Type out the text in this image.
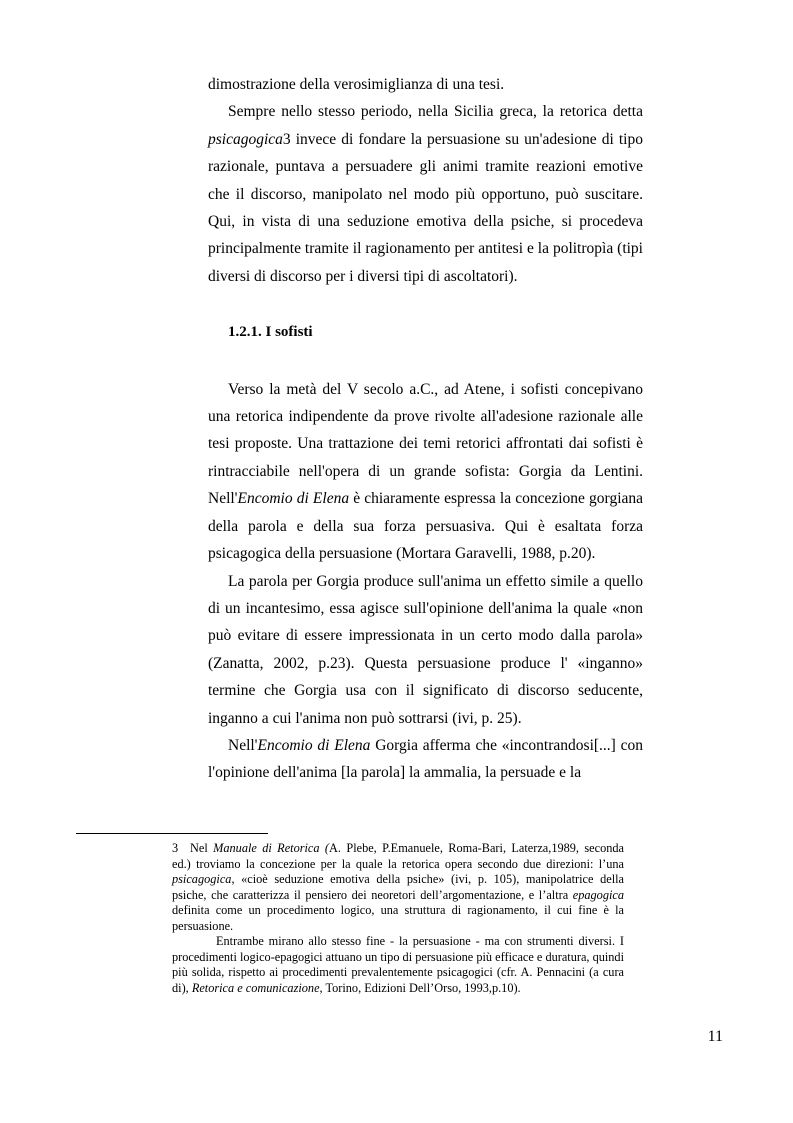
dimostrazione della verosimiglianza di una tesi.

Sempre nello stesso periodo, nella Sicilia greca, la retorica detta psicagogica3 invece di fondare la persuasione su un'adesione di tipo razionale, puntava a persuadere gli animi tramite reazioni emotive che il discorso, manipolato nel modo più opportuno, può suscitare. Qui, in vista di una seduzione emotiva della psiche, si procedeva principalmente tramite il ragionamento per antitesi e la politropìa (tipi diversi di discorso per i diversi tipi di ascoltatori).

1.2.1. I sofisti

Verso la metà del V secolo a.C., ad Atene, i sofisti concepivano una retorica indipendente da prove rivolte all'adesione razionale alle tesi proposte. Una trattazione dei temi retorici affrontati dai sofisti è rintracciabile nell'opera di un grande sofista: Gorgia da Lentini. Nell'Encomio di Elena è chiaramente espressa la concezione gorgiana della parola e della sua forza persuasiva. Qui è esaltata forza psicagogica della persuasione (Mortara Garavelli, 1988, p.20).

La parola per Gorgia produce sull'anima un effetto simile a quello di un incantesimo, essa agisce sull'opinione dell'anima la quale «non può evitare di essere impressionata in un certo modo dalla parola» (Zanatta, 2002, p.23). Questa persuasione produce l' «inganno» termine che Gorgia usa con il significato di discorso seducente, inganno a cui l'anima non può sottrarsi (ivi, p. 25).

Nell'Encomio di Elena Gorgia afferma che «incontrandosi[...] con l'opinione dell'anima [la parola] la ammalia, la persuade e la

3 Nel Manuale di Retorica (A. Plebe, P.Emanuele, Roma-Bari, Laterza,1989, seconda ed.) troviamo la concezione per la quale la retorica opera secondo due direzioni: l’una psicagogica, «cioè seduzione emotiva della psiche» (ivi, p. 105), manipolatrice della psiche, che caratterizza il pensiero dei neoretori dell’argomentazione, e l’altra epagogica definita come un procedimento logico, una struttura di ragionamento, il cui fine è la persuasione.

Entrambe mirano allo stesso fine - la persuasione - ma con strumenti diversi. I procedimenti logico-epagogici attuano un tipo di persuasione più efficace e duratura, quindi più solida, rispetto ai procedimenti prevalentemente psicagogici (cfr. A. Pennacini (a cura di), Retorica e comunicazione, Torino, Edizioni Dell’Orso, 1993,p.10).

11
